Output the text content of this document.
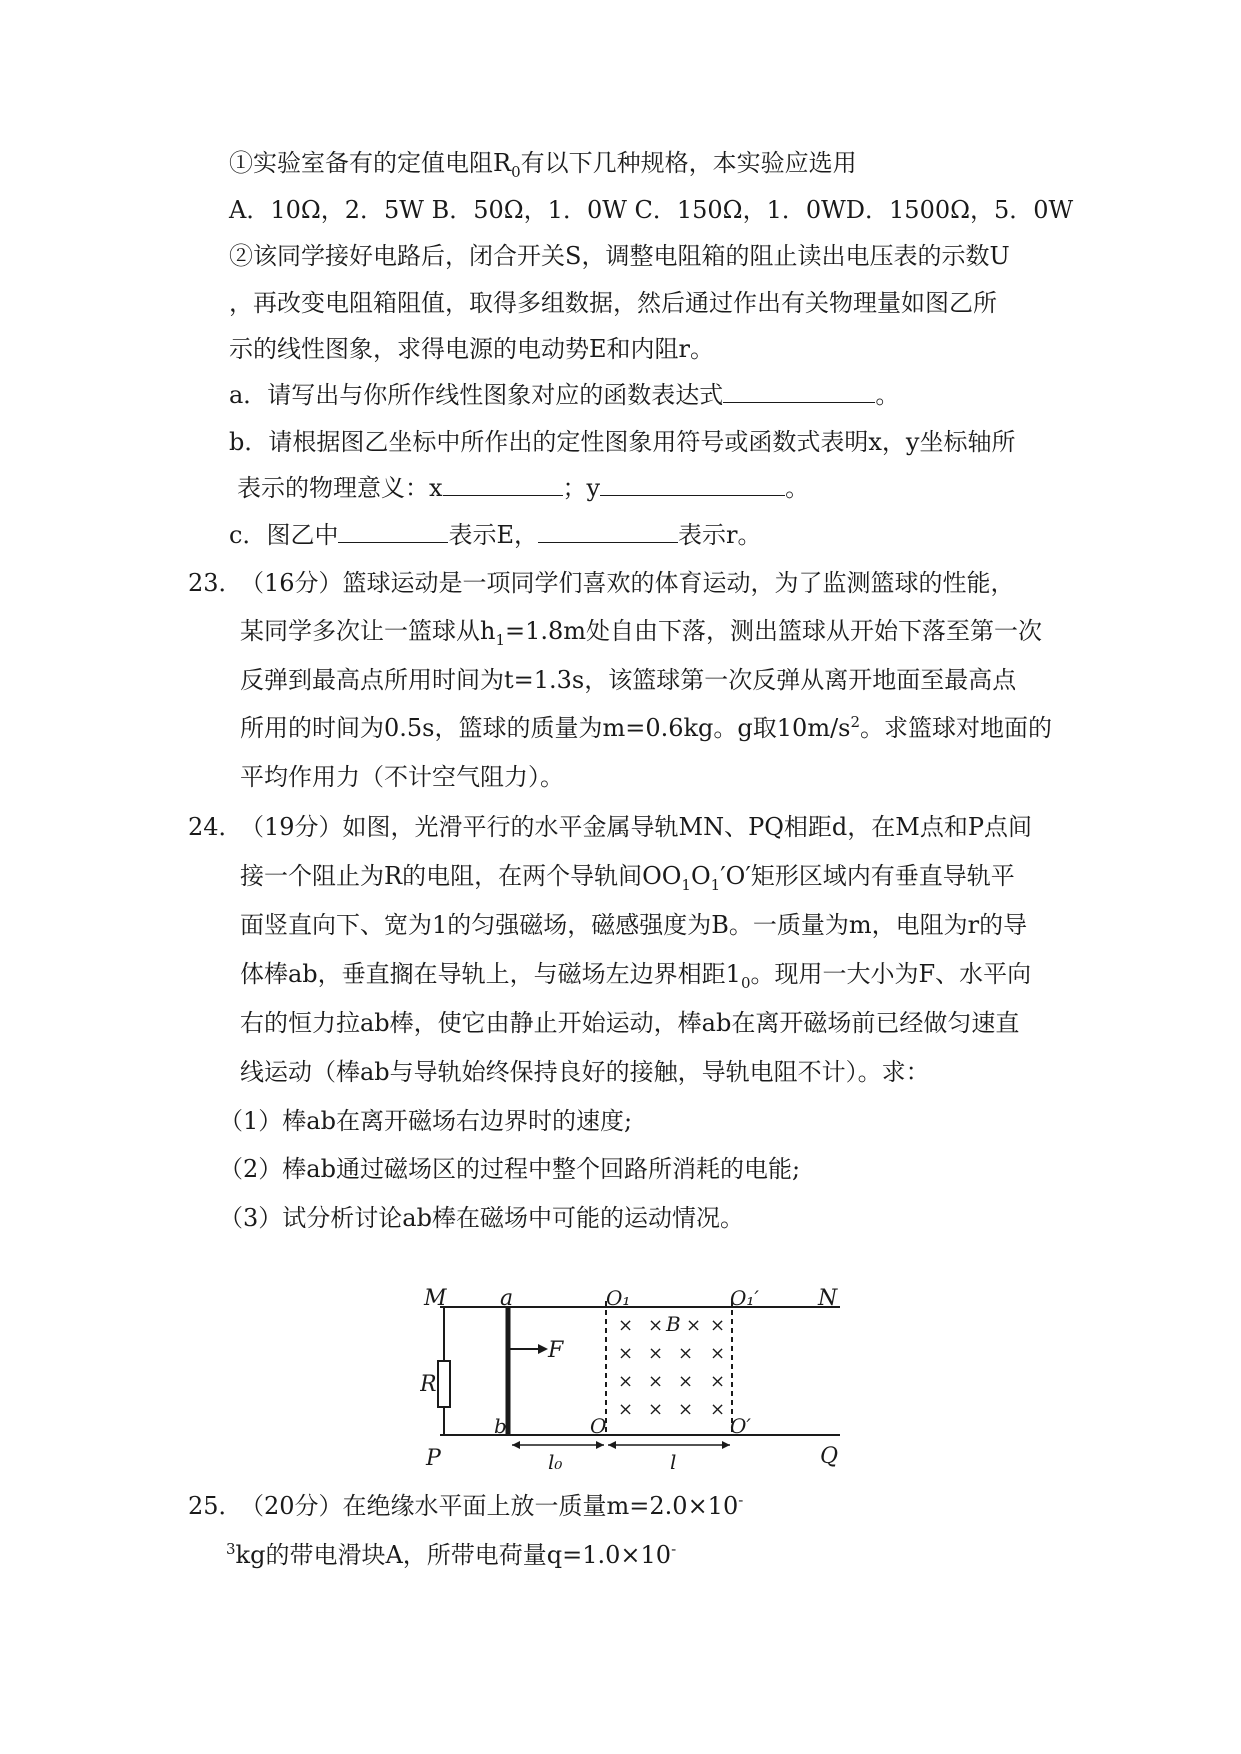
①实验室备有的定值电阻$R_0$有以下几种规格，本实验应选用
A．10Ω，2．5W B．50Ω，1．0W C．150Ω，1．0WD．1500Ω，5．0W
②该同学接好电路后，闭合开关S，调整电阻箱的阻止读出电压表的示数U
，再改变电阻箱阻值，取得多组数据，然后通过作出有关物理量如图乙所
示的线性图象，求得电源的电动势E和内阻r。
a．请写出与你所作线性图象对应的函数表达式	。
b．请根据图乙坐标中所作出的定性图象用符号或函数式表明x，y坐标轴所
表示的物理意义：x	；y	。
c．图乙中	表示E，	表示r。
23．
（16分）篮球运动是一项同学们喜欢的体育运动，为了监测篮球的性能，
某同学多次让一篮球从$h_1=1.8m$处自由下落，测出篮球从开始下落至第一次
反弹到最高点所用时间为t=1.3s，该篮球第一次反弹从离开地面至最高点
所用的时间为0.5s，篮球的质量为m=0.6kg。g取$10m/s^2$。求篮球对地面的
平均作用力（不计空气阻力）。
24．
（19分）如图，光滑平行的水平金属导轨MN、PQ相距d，在M点和P点间
接一个阻止为R的电阻，在两个导轨间$OO_1O_1'O'$矩形区域内有垂直导轨平
面竖直向下、宽为1的匀强磁场，磁感强度为B。一质量为m，电阻为r的导
体棒ab，垂直搁在导轨上，与磁场左边界相距$1_0$。现用一大小为F、水平向
右的恒力拉ab棒，使它由静止开始运动，棒ab在离开磁场前已经做匀速直
线运动（棒ab与导轨始终保持良好的接触，导轨电阻不计）。求：
（1）棒ab在离开磁场右边界时的速度;
（2）棒ab通过磁场区的过程中整个回路所消耗的电能;
（3）试分析讨论ab棒在磁场中可能的运动情况。
× × × ×
× × × ×
× × × ×
× × × ×
M	N
P	Q
a
b
R
F
B
O₁	O₁′
O	O′
l₀	l
25．
（20分）在绝缘水平面上放一质量m=2.0×10-
$^3$kg的带电滑块A，所带电荷量q=1.0×10-
